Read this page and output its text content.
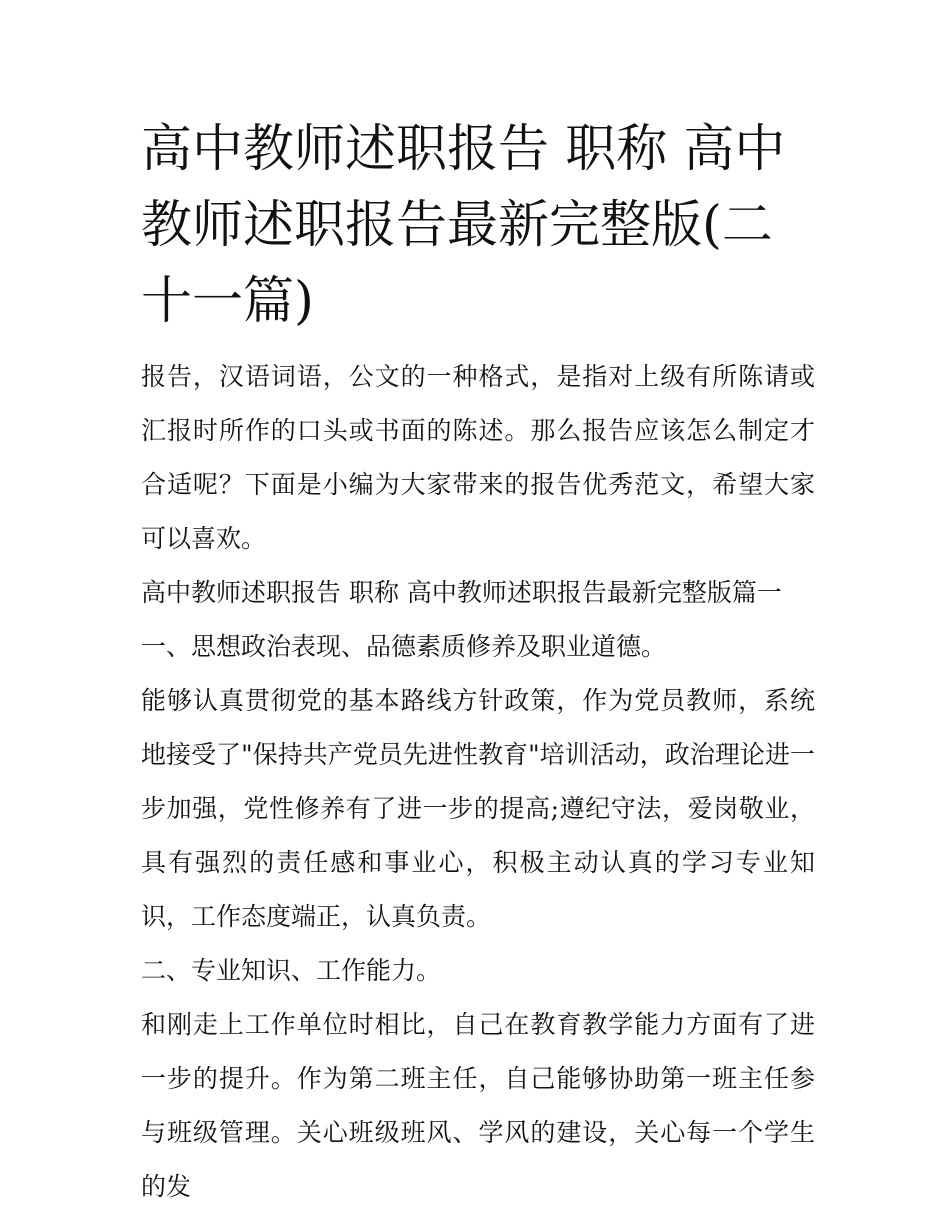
高中教师述职报告 职称 高中教师述职报告最新完整版(二十一篇)

报告，汉语词语，公文的一种格式，是指对上级有所陈请或汇报时所作的口头或书面的陈述。那么报告应该怎么制定才合适呢？下面是小编为大家带来的报告优秀范文，希望大家可以喜欢。

高中教师述职报告 职称 高中教师述职报告最新完整版篇一

一、思想政治表现、品德素质修养及职业道德。

能够认真贯彻党的基本路线方针政策，作为党员教师，系统地接受了"保持共产党员先进性教育"培训活动，政治理论进一步加强，党性修养有了进一步的提高;遵纪守法，爱岗敬业，具有强烈的责任感和事业心，积极主动认真的学习专业知识，工作态度端正，认真负责。

二、专业知识、工作能力。

和刚走上工作单位时相比，自己在教育教学能力方面有了进一步的提升。作为第二班主任，自己能够协助第一班主任参与班级管理。关心班级班风、学风的建设，关心每一个学生的发
